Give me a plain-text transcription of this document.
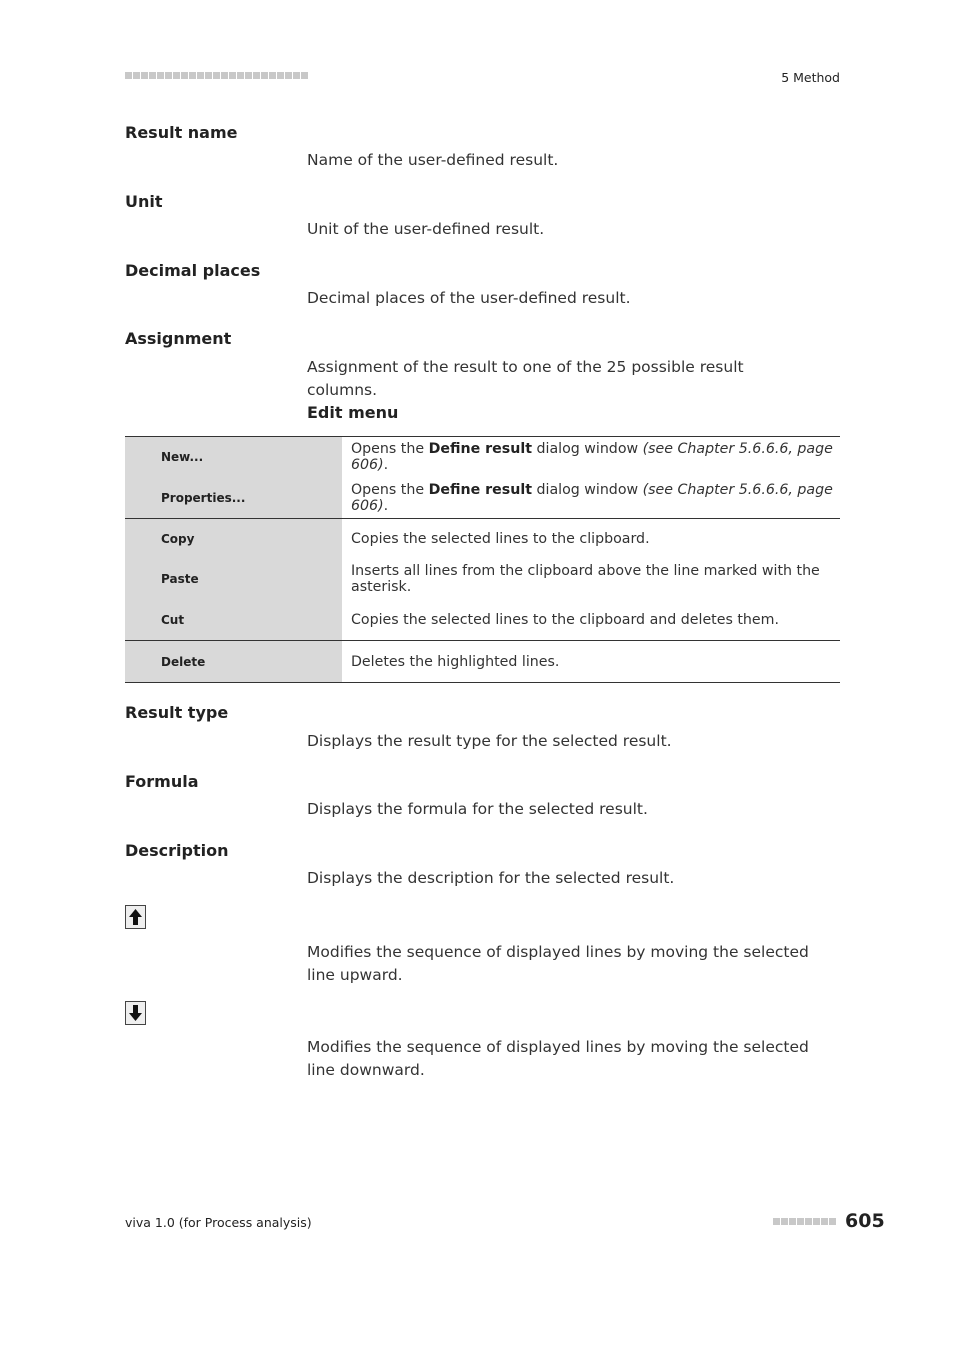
5 Method
Result name
Name of the user-defined result.
Unit
Unit of the user-defined result.
Decimal places
Decimal places of the user-defined result.
Assignment
Assignment of the result to one of the 25 possible result columns.
Edit menu
New...	Opens the Define result dialog window (see Chapter 5.6.6.6, page 606).
Properties...	Opens the Define result dialog window (see Chapter 5.6.6.6, page 606).
Copy	Copies the selected lines to the clipboard.
Paste	Inserts all lines from the clipboard above the line marked with the asterisk.
Cut	Copies the selected lines to the clipboard and deletes them.
Delete	Deletes the highlighted lines.
Result type
Displays the result type for the selected result.
Formula
Displays the formula for the selected result.
Description
Displays the description for the selected result.
Modifies the sequence of displayed lines by moving the selected line upward.
Modifies the sequence of displayed lines by moving the selected line downward.
viva 1.0 (for Process analysis)	605
